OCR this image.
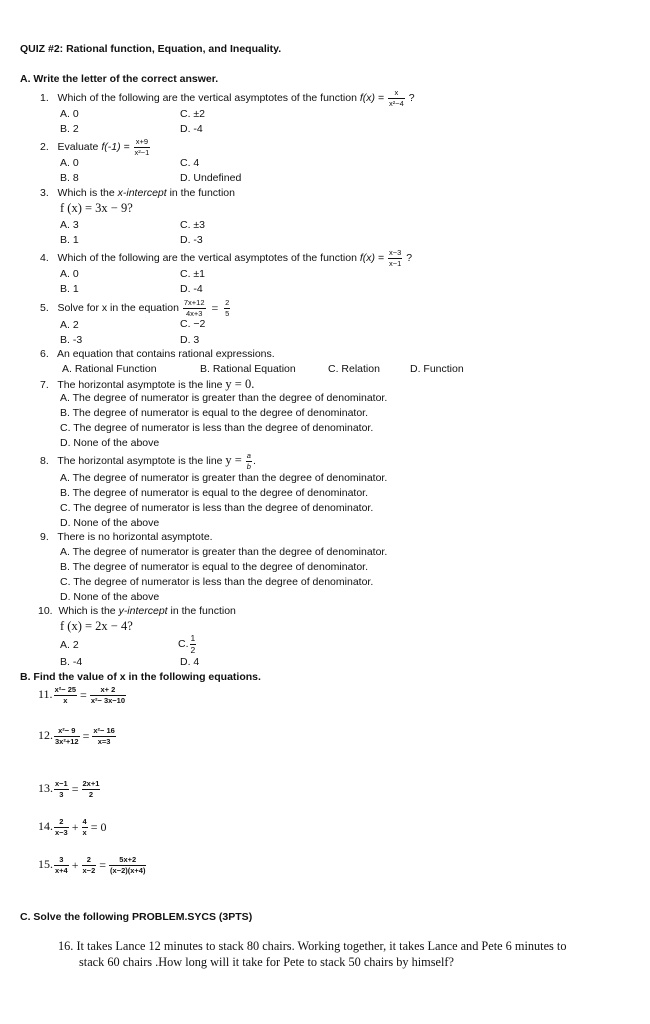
QUIZ #2: Rational function, Equation, and Inequality.
A. Write the letter of the correct answer.
1. Which of the following are the vertical asymptotes of the function $f(x) = \frac{x}{\text{x²−4}}$ ?
A. 0	C. ±2
B. 2	D. -4
2. Evaluate $f(-1) = \frac{x+9}{\text{x²−1}}$
A. 0	C. 4
B. 8	D. Undefined
3. Which is the x-intercept in the function
f (x) = 3x − 9?
A. 3	C. ±3
B. 1	D. -3
4. Which of the following are the vertical asymptotes of the function $f(x) = \frac{x-3}{x-1}$ ?
A. 0	C. ±1
B. 1	D. -4
5. Solve for x in the equation $\frac{7x+12}{4x+3} = \frac{2}{5}$
A. 2	C. −2
B. -3	D. 3
6. An equation that contains rational expressions.
A. Rational Function	B. Rational Equation	C. Relation	D. Function
7. The horizontal asymptote is the line y = 0.
A. The degree of numerator is greater than the degree of denominator.
B. The degree of numerator is equal to the degree of denominator.
C. The degree of numerator is less than the degree of denominator.
D. None of the above
8. The horizontal asymptote is the line $y = \frac{a}{b}$ .
A. The degree of numerator is greater than the degree of denominator.
B. The degree of numerator is equal to the degree of denominator.
C. The degree of numerator is less than the degree of denominator.
D. None of the above
9. There is no horizontal asymptote.
A. The degree of numerator is greater than the degree of denominator.
B. The degree of numerator is equal to the degree of denominator.
C. The degree of numerator is less than the degree of denominator.
D. None of the above
10. Which is the y-intercept in the function
f (x) = 2x − 4?
A. 2	C. $\frac{1}{2}$
B. -4	D. 4
B. Find the value of x in the following equations.
11. $\frac{\text{x²− 25}}{x} = \frac{x+ 2}{\text{x²− 3x−10}}$
12. $\frac{\text{x²− 9}}{\text{3x²+12}} = \frac{\text{x²− 16}}{x=3}$
13. $\frac{x-1}{3} = \frac{2x+1}{2}$
14. $\frac{2}{x-3} + \frac{4}{x} = 0$
15. $\frac{3}{x+4} + \frac{2}{x-2} = \frac{5x+2}{(x-2)(x+4)}$
C. Solve the following PROBLEM.SYCS (3PTS)
16. It takes Lance 12 minutes to stack 80 chairs. Working together, it takes Lance and Pete 6 minutes to
stack 60 chairs .How long will it take for Pete to stack 50 chairs by himself?
